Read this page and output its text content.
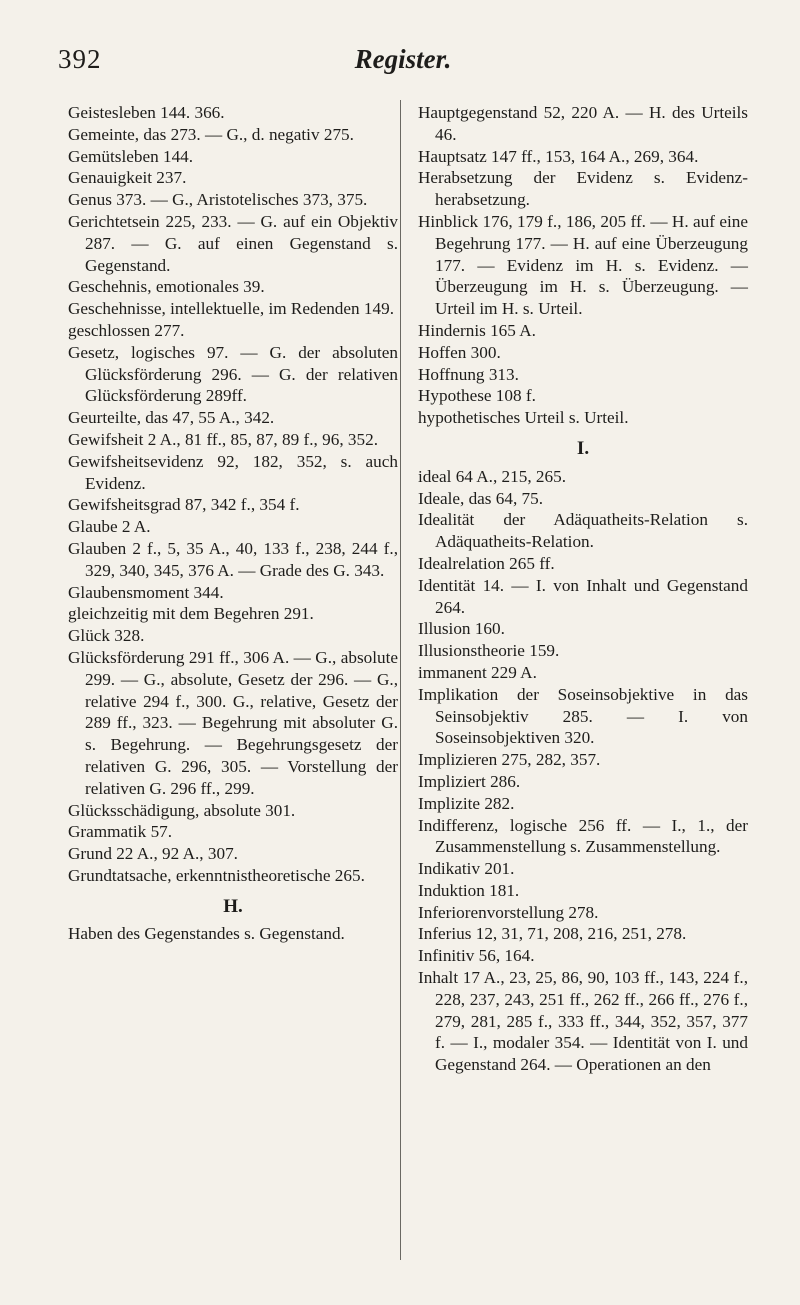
392	Register.

Geistesleben 144. 366.

Gemeinte, das 273. — G., d. negativ 275.

Gemütsleben 144.

Genauigkeit 237.

Genus 373. — G., Aristotelisches 373, 375.

Gerichtetsein 225, 233. — G. auf ein Objektiv 287. — G. auf einen Gegenstand s. Gegenstand.

Geschehnis, emotionales 39.

Geschehnisse, intellektuelle, im Redenden 149.

geschlossen 277.

Gesetz, logisches 97. — G. der absoluten Glücksförderung 296. — G. der relativen Glücksförderung 289ff.

Geurteilte, das 47, 55 A., 342.

Gewifsheit 2 A., 81 ff., 85, 87, 89 f., 96, 352.

Gewifsheitsevidenz 92, 182, 352, s. auch Evidenz.

Gewifsheitsgrad 87, 342 f., 354 f.

Glaube 2 A.

Glauben 2 f., 5, 35 A., 40, 133 f., 238, 244 f., 329, 340, 345, 376 A. — Grade des G. 343.

Glaubensmoment 344.

gleichzeitig mit dem Begehren 291.

Glück 328.

Glücksförderung 291 ff., 306 A. — G., absolute 299. — G., absolute, Gesetz der 296. — G., relative 294 f., 300. G., relative, Gesetz der 289 ff., 323. — Begehrung mit absoluter G. s. Begehrung. — Begehrungsgesetz der relativen G. 296, 305. — Vorstellung der relativen G. 296 ff., 299.

Glücksschädigung, absolute 301.

Grammatik 57.

Grund 22 A., 92 A., 307.

Grundtatsache, erkenntnistheoretische 265.

H.

Haben des Gegenstandes s. Gegenstand.

Hauptgegenstand 52, 220 A. — H. des Urteils 46.

Hauptsatz 147 ff., 153, 164 A., 269, 364.

Herabsetzung der Evidenz s. Evidenzherabsetzung.

Hinblick 176, 179 f., 186, 205 ff. — H. auf eine Begehrung 177. — H. auf eine Überzeugung 177. — Evidenz im H. s. Evidenz. — Überzeugung im H. s. Überzeugung. — Urteil im H. s. Urteil.

Hindernis 165 A.

Hoffen 300.

Hoffnung 313.

Hypothese 108 f.

hypothetisches Urteil s. Urteil.

I.

ideal 64 A., 215, 265.

Ideale, das 64, 75.

Idealität der Adäquatheits-Relation s. Adäquatheits-Relation.

Idealrelation 265 ff.

Identität 14. — I. von Inhalt und Gegenstand 264.

Illusion 160.

Illusionstheorie 159.

immanent 229 A.

Implikation der Soseinsobjektive in das Seinsobjektiv 285. — I. von Soseinsobjektiven 320.

Implizieren 275, 282, 357.

Impliziert 286.

Implizite 282.

Indifferenz, logische 256 ff. — I., 1., der Zusammenstellung s. Zusammenstellung.

Indikativ 201.

Induktion 181.

Inferiorenvorstellung 278.

Inferius 12, 31, 71, 208, 216, 251, 278.

Infinitiv 56, 164.

Inhalt 17 A., 23, 25, 86, 90, 103 ff., 143, 224 f., 228, 237, 243, 251 ff., 262 ff., 266 ff., 276 f., 279, 281, 285 f., 333 ff., 344, 352, 357, 377 f. — I., modaler 354. — Identität von I. und Gegenstand 264. — Operationen an den
